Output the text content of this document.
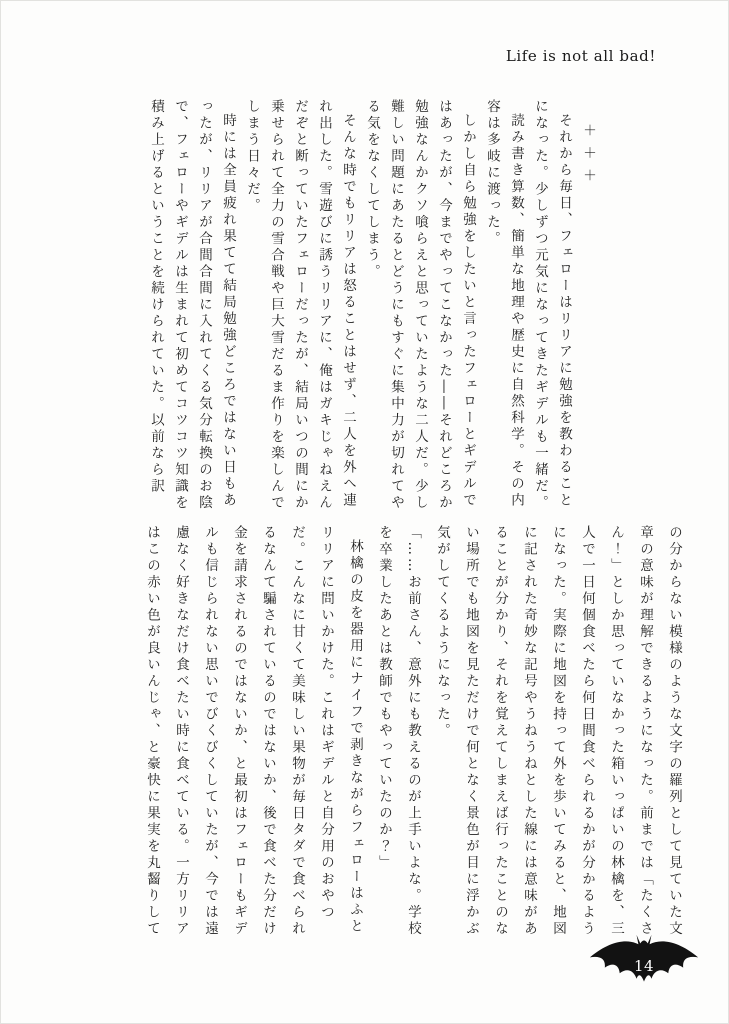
Life is not all bad!

＋＋＋

それから毎日、フェローはリリアに勉強を教わることになった。少しずつ元気になってきたギデルも一緒だ。

読み書き算数、簡単な地理や歴史に自然科学。その内容は多岐に渡った。

しかし自ら勉強をしたいと言ったフェローとギデルではあったが、今までやってこなかった――それどころか勉強なんかクソ喰らえと思っていたような二人だ。少し難しい問題にあたるとどうにもすぐに集中力が切れてやる気をなくしてしまう。

そんな時でもリリアは怒ることはせず、二人を外へ連れ出した。雪遊びに誘うリリアに、俺はガキじゃねえんだぞと断っていたフェローだったが、結局いつの間にか乗せられて全力の雪合戦や巨大雪だるま作りを楽しんでしまう日々だ。

時には全員疲れ果てて結局勉強どころではない日もあったが、リリアが合間合間に入れてくる気分転換のお陰で、フェローやギデルは生まれて初めてコツコツ知識を積み上げるということを続けられていた。以前なら訳

の分からない模様のような文字の羅列として見ていた文章の意味が理解できるようになった。前までは「たくさん！」としか思っていなかった箱いっぱいの林檎を、三人で一日何個食べたら何日間食べられるかが分かるようになった。実際に地図を持って外を歩いてみると、地図に記された奇妙な記号やうねうねとした線には意味があることが分かり、それを覚えてしまえば行ったことのない場所でも地図を見ただけで何となく景色が目に浮かぶ気がしてくるようになった。

「……お前さん、意外にも教えるのが上手いよな。学校を卒業したあとは教師でもやっていたのか？」

林檎の皮を器用にナイフで剥きながらフェローはふとリリアに問いかけた。これはギデルと自分用のおやつだ。こんなに甘くて美味しい果物が毎日タダで食べられるなんて騙されているのではないか、後で食べた分だけ金を請求されるのではないか、と最初はフェローもギデルも信じられない思いでびくびくしていたが、今では遠慮なく好きなだけ食べたい時に食べている。一方リリアはこの赤い色が良いんじゃ、と豪快に果実を丸齧りして

14
